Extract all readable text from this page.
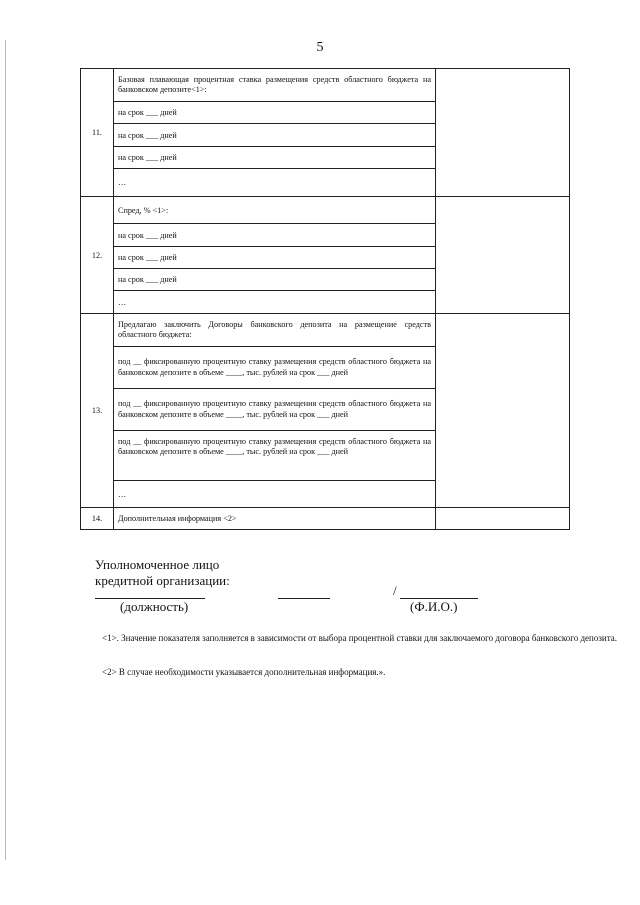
5
11.	Базовая плавающая процентная ставка размещения средств областного бюджета на банковском депозите<1>:	
	на срок ___ дней	
	на срок ___ дней	
	на срок ___ дней	
	…	
12.	Спред, % <1>:	
	на срок ___ дней	
	на срок ___ дней	
	на срок ___ дней	
	…	
13.	Предлагаю заключить Договоры банковского депозита на размещение средств областного бюджета:	
	под __ фиксированную процентную ставку размещения средств областного бюджета на банковском депозите в объеме ____, тыс. рублей на срок ___ дней	
	под __ фиксированную процентную ставку размещения средств областного бюджета на банковском депозите в объеме ____, тыс. рублей на срок ___ дней	
	под __ фиксированную процентную ставку размещения средств областного бюджета на банковском депозите в объеме ____, тыс. рублей на срок ___ дней	
	…	
14.	Дополнительная информация <2>	
Уполномоченное лицо
кредитной организации:
/
(должность)	(Ф.И.О.)
<1>. Значение показателя заполняется в зависимости от выбора процентной ставки для заключаемого договора банковского депозита.
<2> В случае необходимости указывается дополнительная информация.».
